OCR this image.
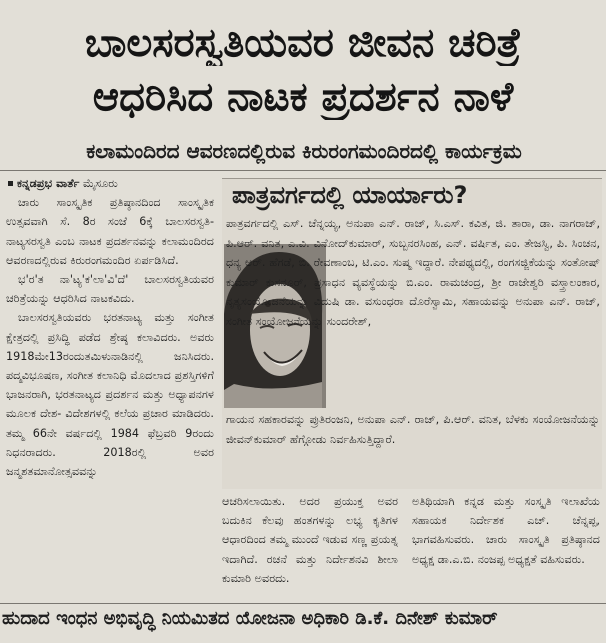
ಬಾಲಸರಸ್ವತಿಯವರ ಜೀವನ ಚರಿತ್ರೆ
ಆಧರಿಸಿದ ನಾಟಕ ಪ್ರದರ್ಶನ ನಾಳೆ
ಕಲಾಮಂದಿರದ ಆವರಣದಲ್ಲಿರುವ ಕಿರುರಂಗಮಂದಿರದಲ್ಲಿ ಕಾರ್ಯಕ್ರಮ

ಕನ್ನಡಪ್ರಭ ವಾರ್ತೆ ಮೈಸೂರು

ಚಾರು ಸಾಂಸ್ಕೃತಿಕ ಪ್ರತಿಷ್ಠಾನದಿಂದ ಸಾಂಸ್ಕೃತಿಕ ಉತ್ಸವವಾಗಿ ಸೆ. 8ರ ಸಂಜೆ 6ಕ್ಕೆ ಬಾಲಸರಸ್ವತಿ- ನಾಟ್ಯಸರಸ್ವತಿ ಎಂಬ ನಾಟಕ ಪ್ರದರ್ಶನವನ್ನು ಕಲಾಮಂದಿರದ ಆವರಣದಲ್ಲಿರುವ ಕಿರುರಂಗಮಂದಿರ ಏರ್ಪಡಿಸಿದೆ.

ಭ'ರ'ತ ನಾ'ಟ್ಯ'ಕ'ಲಾ'ವಿ'ದೆ' ಬಾಲಸರಸ್ವತಿಯವರ ಚರಿತ್ರೆಯನ್ನು ಆಧರಿಸಿದ ನಾಟಕವಿದು.

ಬಾಲಸರಸ್ವತಿಯವರು ಭರತನಾಟ್ಯ ಮತ್ತು ಸಂಗೀತ ಕ್ಷೇತ್ರದಲ್ಲಿ ಪ್ರಸಿದ್ಧಿ ಪಡೆದ ಶ್ರೇಷ್ಠ ಕಲಾವಿದರು. ಅವರು 1918ಮೇ13ರಂದುತಮಿಳುನಾಡಿನಲ್ಲಿ ಜನಿಸಿದರು. ಪದ್ಮವಿಭೂಷಣ, ಸಂಗೀತ ಕಲಾನಿಧಿ ಮೊದಲಾದ ಪ್ರಶಸ್ತಿಗಳಿಗೆ ಭಾಜನರಾಗಿ, ಭರತನಾಟ್ಯದ ಪ್ರದರ್ಶನ ಮತ್ತು ಅಧ್ಯಾಪನಗಳ ಮೂಲಕ ದೇಶ- ವಿದೇಶಗಳಲ್ಲಿ ಕಲೆಯ ಪ್ರಚಾರ ಮಾಡಿದರು. ತಮ್ಮ 66ನೇ ವರ್ಷದಲ್ಲಿ 1984 ಫೆಬ್ರವರಿ 9ರಂದು ನಿಧನರಾದರು. 2018ರಲ್ಲಿ ಅವರ ಜನ್ಮಶತಮಾನೋತ್ಸವವನ್ನು

ಪಾತ್ರವರ್ಗದಲ್ಲಿ ಯಾರ್ಯಾರು?
ಪಾತ್ರವರ್ಗದಲ್ಲಿ ಎಸ್. ಚೆನ್ನಯ್ಯ, ಅನುಪಾ ಎನ್. ರಾಜ್, ಸಿ.ಎಸ್. ಕವಿತ, ಜಿ. ತಾರಾ, ಡಾ. ನಾಗರಾಜ್, ಪಿ.ಆರ್. ವನಿತ, ಎ.ವಿ. ವಿನೋದ್‌ಕುಮಾರ್, ಸುಬ್ಬನರಸಿಂಹ, ಎನ್. ವರ್ಷಿತ, ಎಂ. ತೇಜಸ್ವಿ, ಪಿ. ಸಿಂಚನ, ಧನ್ಯ ಆರ್. ಹೆಗಡೆ, ಬಿ. ರೇವಣಾಂಬ, ಟಿ.ಎಂ. ಸುಷ್ಮ ಇದ್ದಾರೆ. ನೇಪಥ್ಯದಲ್ಲಿ, ರಂಗಸಜ್ಜಿಕೆಯನ್ನು ಸಂತೋಷ್ ಕುಮಾರ್ ಕುಸನೂರ್, ಪ್ರಸಾಧನ ವ್ಯವಸ್ಥೆಯನ್ನು ಬಿ.ಎಂ. ರಾಮಚಂದ್ರ, ಶ್ರೀ ರಾಜೇಶ್ವರಿ ವಸ್ತ್ರಾಲಂಕಾರ, ನೃತ್ಯಸಂಯೋಜನೆಯನ್ನು ವಿದುಷಿ ಡಾ. ವಸುಂಧರಾ ದೊರೆಸ್ವಾಮಿ, ಸಹಾಯವನ್ನು ಅನುಪಾ ಎನ್. ರಾಜ್, ಸಂಗೀತ ಸಂಯೋಜನೆಯನ್ನು ಸುಂದರೇಶ್,
ಗಾಯನ ಸಹಕಾರವನ್ನು ಪ್ರುತಿರಂಜನಿ, ಅನುಪಾ ಎನ್. ರಾಜ್, ಪಿ.ಆರ್. ವನಿತ, ಬೆಳಕು ಸಂಯೋಜನೆಯನ್ನು ಜೀವನ್‌ಕುಮಾರ್ ಹೆಗ್ಗೋಡು ನಿರ್ವಹಿಸುತ್ತಿದ್ದಾರೆ.
ಆಚರಿಸಲಾಯಿತು. ಅದರ ಪ್ರಯುಕ್ತ ಅವರ ಬದುಕಿನ ಕೆಲವು ಹಂತಗಳನ್ನು ಲಭ್ಯ ಕೃತಿಗಳ ಆಧಾರದಿಂದ ತಮ್ಮ ಮುಂದೆ ಇಡುವ ಸಣ್ಣ ಪ್ರಯತ್ನ ಇದಾಗಿದೆ. ರಚನೆ ಮತ್ತು ನಿರ್ದೇಶನವಿ ಶೀಲಾ ಕುಮಾರಿ ಅವರದು.
ಅತಿಥಿಯಾಗಿ ಕನ್ನಡ ಮತ್ತು ಸಂಸ್ಕೃತಿ ಇಲಾಖೆಯ ಸಹಾಯಕ ನಿರ್ದೇಶಕ ಎಚ್. ಚೆನ್ನಪ್ಪ, ಭಾಗವಹಿಸುವರು. ಚಾರು ಸಾಂಸ್ಕೃತಿ ಪ್ರತಿಷ್ಠಾನದ ಅಧ್ಯಕ್ಷ ಡಾ.ಎ.ಬಿ. ನಂಜಪ್ಪ ಅಧ್ಯಕ್ಷತೆ ವಹಿಸುವರು.
ಹುದಾದ ಇಂಧನ ಅಭಿವೃದ್ಧಿ ನಿಯಮಿತದ ಯೋಜನಾ ಅಧಿಕಾರಿ ಡಿ.ಕೆ. ದಿನೇಶ್ ಕುಮಾರ್
